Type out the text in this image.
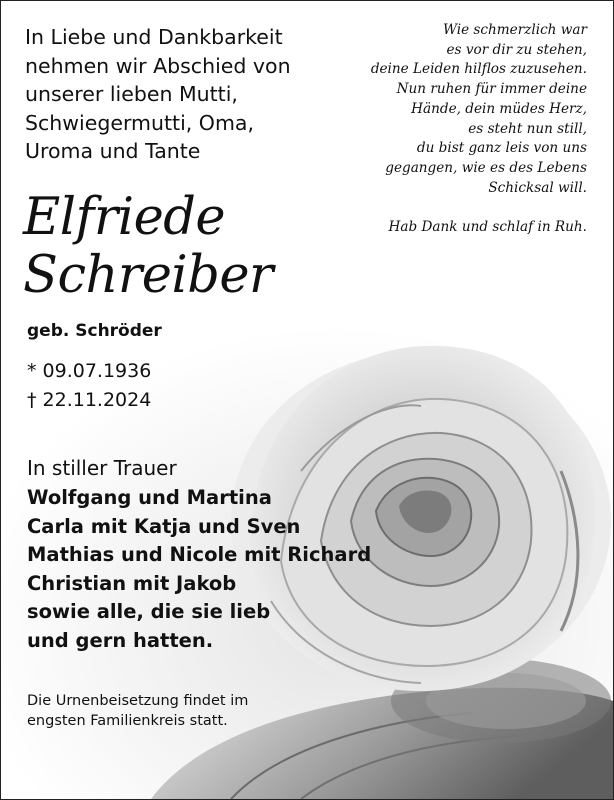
In Liebe und Dankbarkeit
nehmen wir Abschied von
unserer lieben Mutti,
Schwiegermutti, Oma,
Uroma und Tante
Wie schmerzlich war
es vor dir zu stehen,
deine Leiden hilflos zuzusehen.
Nun ruhen für immer deine
Hände, dein müdes Herz,
es steht nun still,
du bist ganz leis von uns
gegangen, wie es des Lebens
Schicksal will.
Hab Dank und schlaf in Ruh.
Elfriede
Schreiber
geb. Schröder
* 09.07.1936
† 22.11.2024
In stiller Trauer
Wolfgang und Martina
Carla mit Katja und Sven
Mathias und Nicole mit Richard
Christian mit Jakob
sowie alle, die sie lieb
und gern hatten.
Die Urnenbeisetzung findet im
engsten Familienkreis statt.
